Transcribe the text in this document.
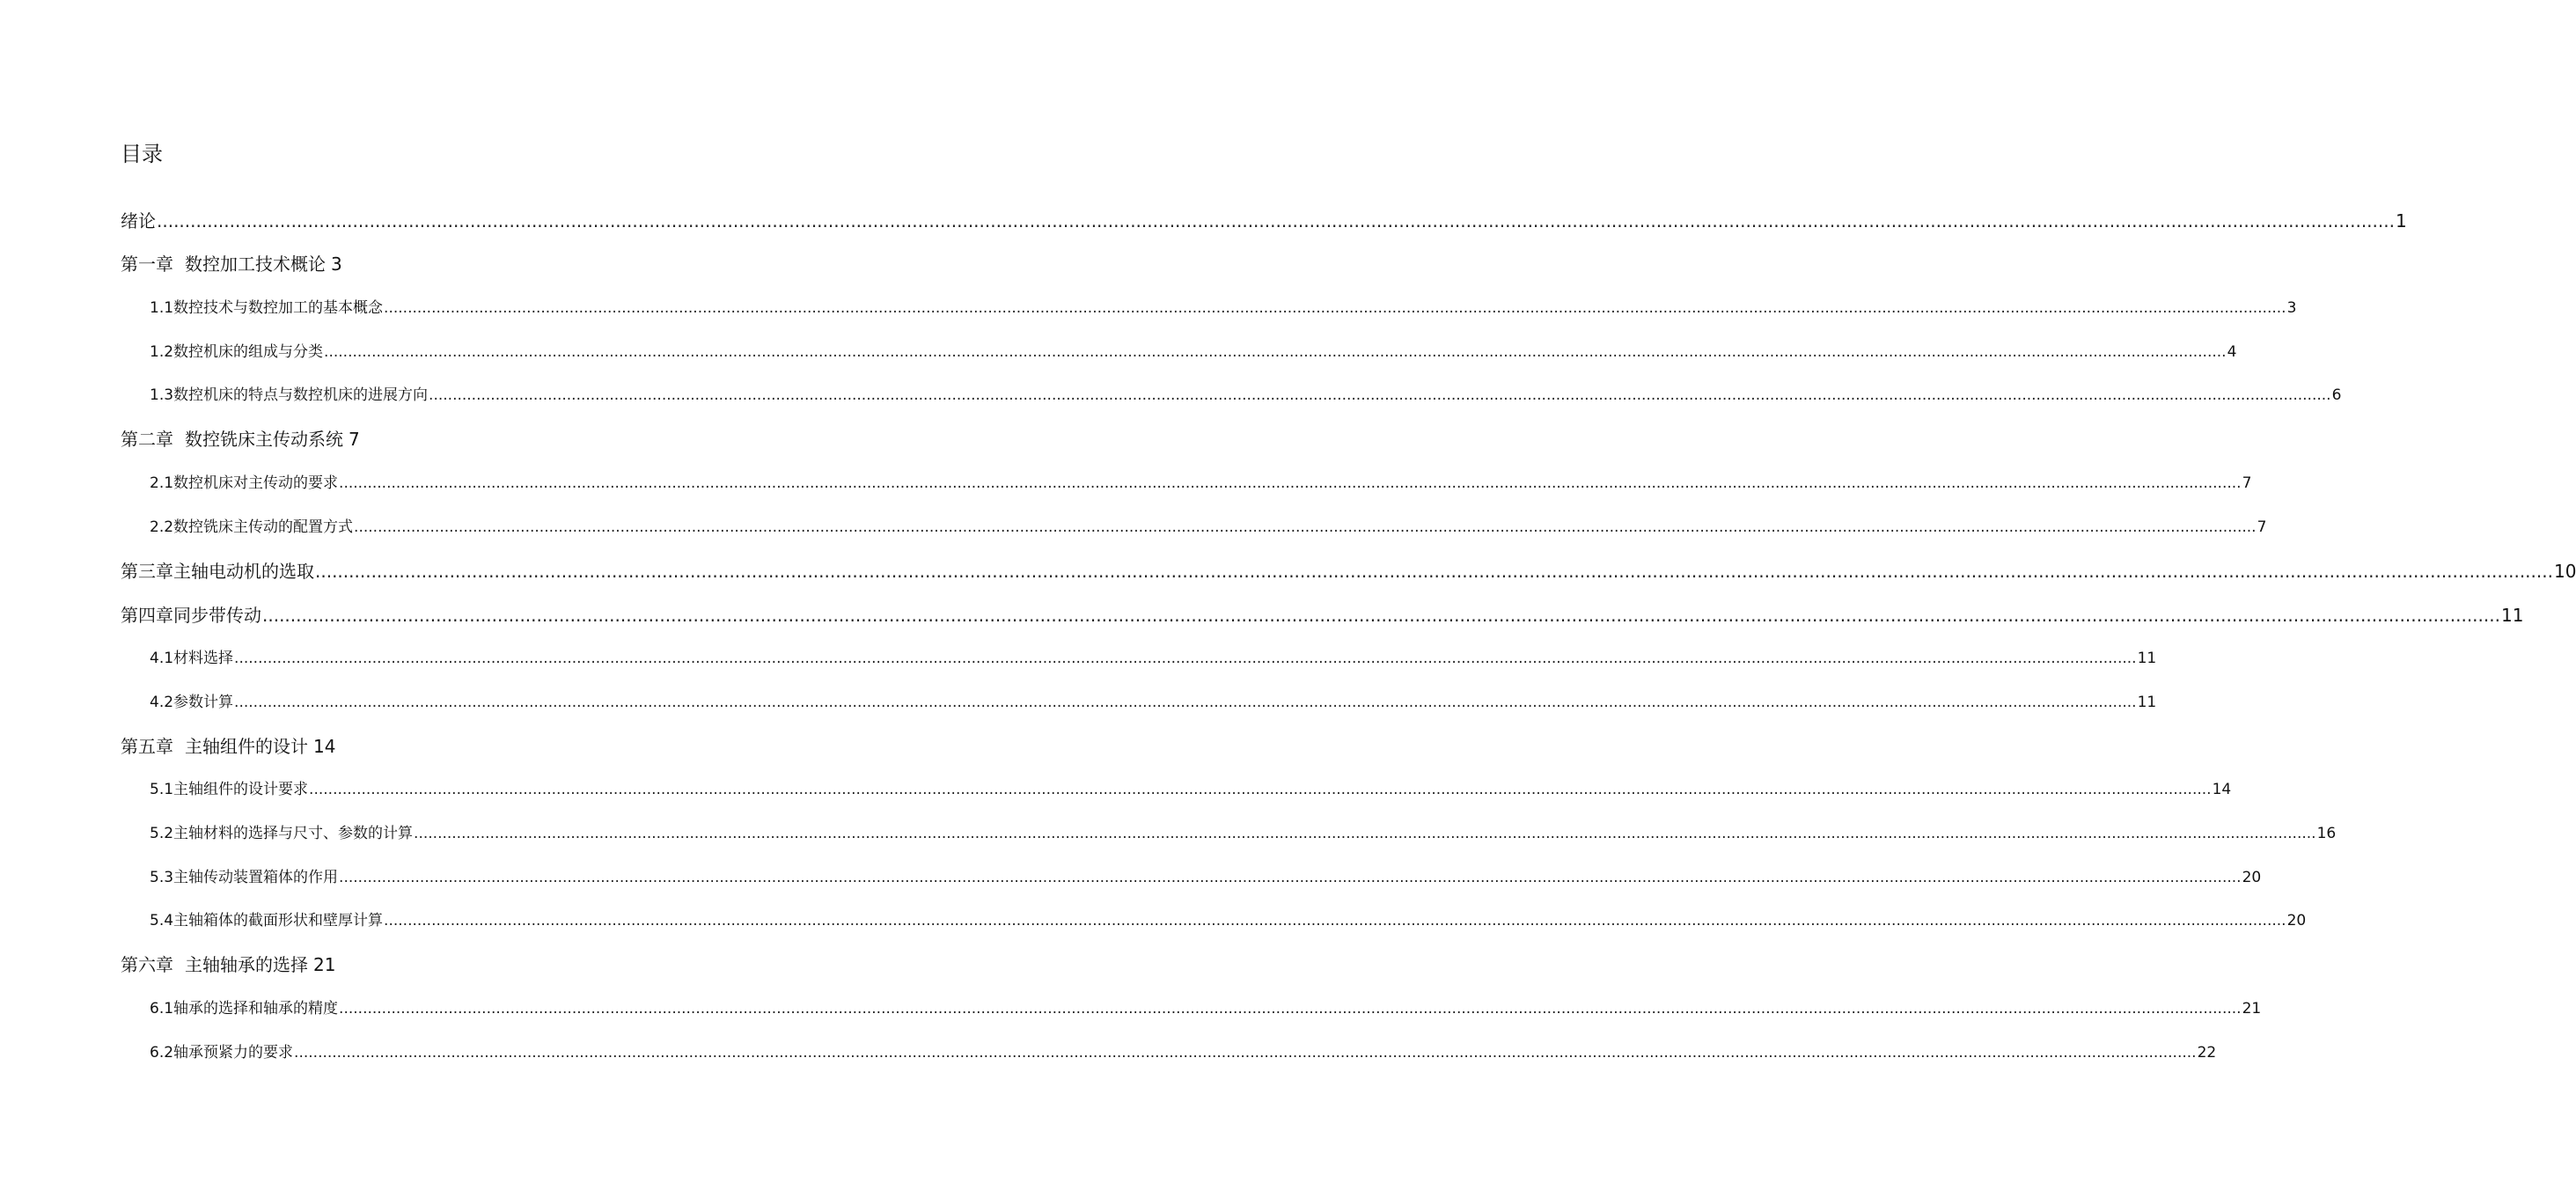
目录
绪论 ................................................................................................................................................................................................................................................................................................................................................................................................................ 1
第一章 数控加工技术概论 3
1.1 数控技术与数控加工的基本概念 ................................................................................................................................................................................................................................................................................................................................................................................................................ 3
1.2 数控机床的组成与分类 ................................................................................................................................................................................................................................................................................................................................................................................................................ 4
1.3 数控机床的特点与数控机床的进展方向 ................................................................................................................................................................................................................................................................................................................................................................................................................ 6
第二章 数控铣床主传动系统 7
2.1 数控机床对主传动的要求 ................................................................................................................................................................................................................................................................................................................................................................................................................ 7
2.2 数控铣床主传动的配置方式 ................................................................................................................................................................................................................................................................................................................................................................................................................ 7
第三章 主轴电动机的选取 ................................................................................................................................................................................................................................................................................................................................................................................................................ 10
第四章 同步带传动 ................................................................................................................................................................................................................................................................................................................................................................................................................ 11
4.1 材料选择 ................................................................................................................................................................................................................................................................................................................................................................................................................ 11
4.2 参数计算 ................................................................................................................................................................................................................................................................................................................................................................................................................ 11
第五章 主轴组件的设计 14
5.1 主轴组件的设计要求 ................................................................................................................................................................................................................................................................................................................................................................................................................ 14
5.2 主轴材料的选择与尺寸、参数的计算 ................................................................................................................................................................................................................................................................................................................................................................................................................ 16
5.3 主轴传动装置箱体的作用 ................................................................................................................................................................................................................................................................................................................................................................................................................ 20
5.4 主轴箱体的截面形状和壁厚计算 ................................................................................................................................................................................................................................................................................................................................................................................................................ 20
第六章 主轴轴承的选择 21
6.1 轴承的选择和轴承的精度 ................................................................................................................................................................................................................................................................................................................................................................................................................ 21
6.2 轴承预紧力的要求 ................................................................................................................................................................................................................................................................................................................................................................................................................ 22
